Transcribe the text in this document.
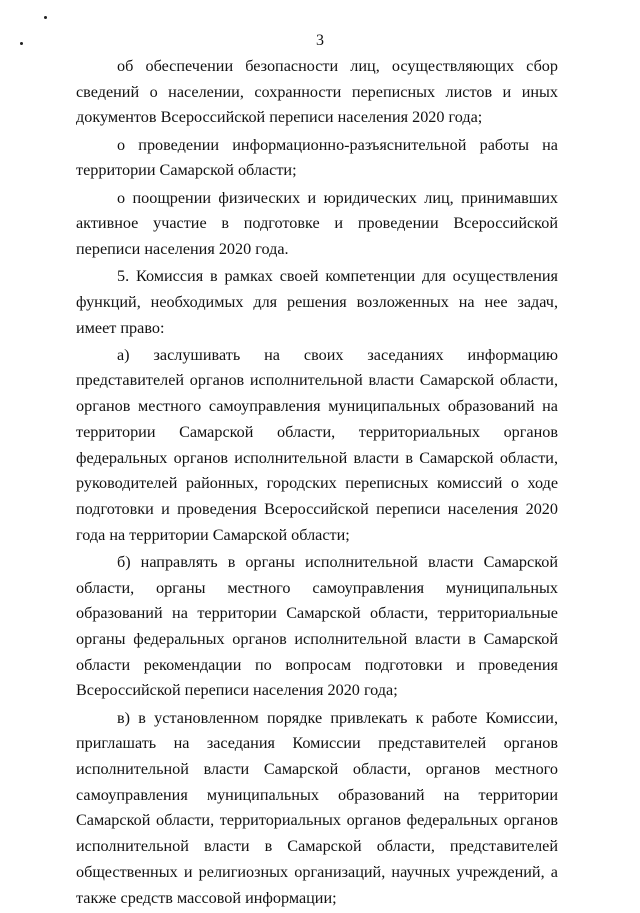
3

об обеспечении безопасности лиц, осуществляющих сбор сведений о населении, сохранности переписных листов и иных документов Всероссийской переписи населения 2020 года;

о проведении информационно-разъяснительной работы на территории Самарской области;

о поощрении физических и юридических лиц, принимавших активное участие в подготовке и проведении Всероссийской переписи населения 2020 года.

5. Комиссия в рамках своей компетенции для осуществления функций, необходимых для решения возложенных на нее задач, имеет право:

а) заслушивать на своих заседаниях информацию представителей органов исполнительной власти Самарской области, органов местного самоуправления муниципальных образований на территории Самарской области, территориальных органов федеральных органов исполнительной власти в Самарской области, руководителей районных, городских переписных комиссий о ходе подготовки и проведения Всероссийской переписи населения 2020 года на территории Самарской области;

б) направлять в органы исполнительной власти Самарской области, органы местного самоуправления муниципальных образований на территории Самарской области, территориальные органы федеральных органов исполнительной власти в Самарской области рекомендации по вопросам подготовки и проведения Всероссийской переписи населения 2020 года;

в) в установленном порядке привлекать к работе Комиссии, приглашать на заседания Комиссии представителей органов исполнительной власти Самарской области, органов местного самоуправления муниципальных образований на территории Самарской области, территориальных органов федеральных органов исполнительной власти в Самарской области, представителей общественных и религиозных организаций, научных учреждений, а также средств массовой информации;
